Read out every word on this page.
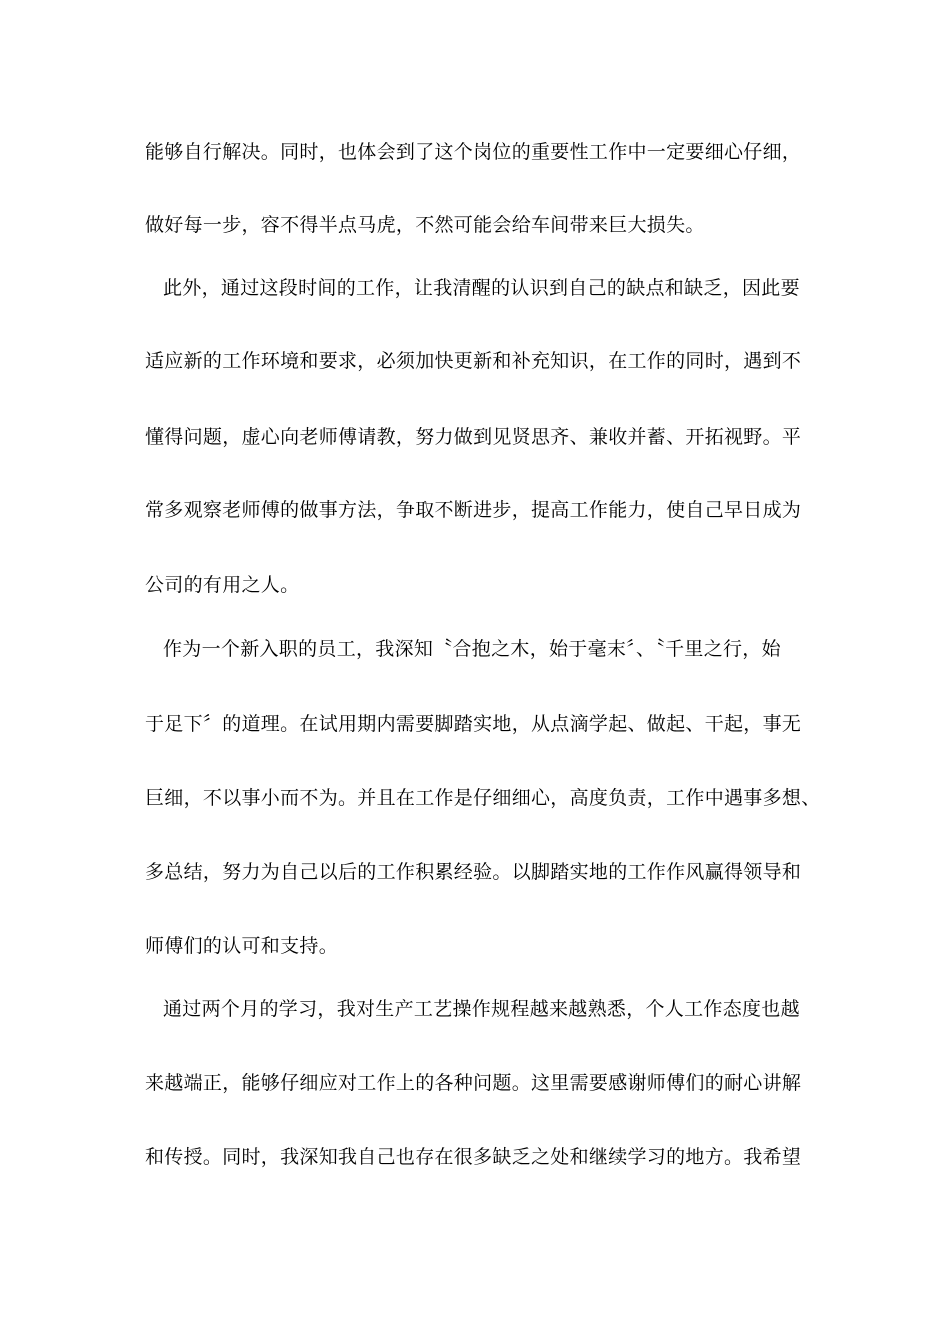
能够自行解决。同时，也体会到了这个岗位的重要性工作中一定要细心仔细，
做好每一步，容不得半点马虎，不然可能会给车间带来巨大损失。
此外，通过这段时间的工作，让我清醒的认识到自己的缺点和缺乏，因此要
适应新的工作环境和要求，必须加快更新和补充知识，在工作的同时，遇到不
懂得问题，虚心向老师傅请教，努力做到见贤思齐、兼收并蓄、开拓视野。平
常多观察老师傅的做事方法，争取不断进步，提高工作能力，使自己早日成为
公司的有用之人。
作为一个新入职的员工，我深知〝合抱之木，始于毫末〞、〝千里之行，始
于足下〞的道理。在试用期内需要脚踏实地，从点滴学起、做起、干起，事无
巨细，不以事小而不为。并且在工作是仔细细心，高度负责，工作中遇事多想、
多总结，努力为自己以后的工作积累经验。以脚踏实地的工作作风赢得领导和
师傅们的认可和支持。
通过两个月的学习，我对生产工艺操作规程越来越熟悉，个人工作态度也越
来越端正，能够仔细应对工作上的各种问题。这里需要感谢师傅们的耐心讲解
和传授。同时，我深知我自己也存在很多缺乏之处和继续学习的地方。我希望
